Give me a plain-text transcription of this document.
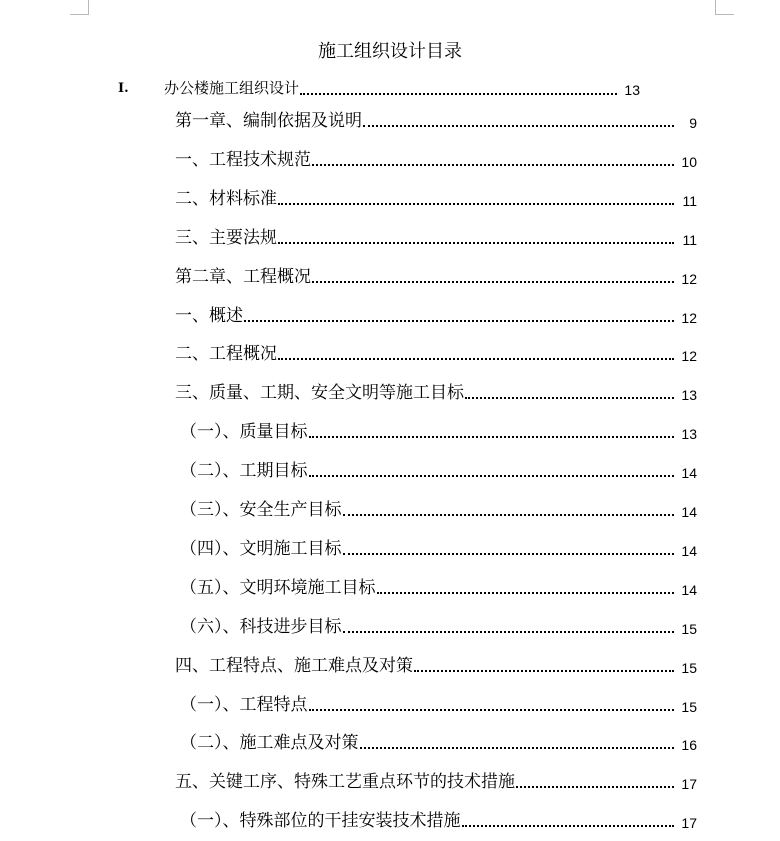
施工组织设计目录
I.	办公楼施工组织设计	13
第一章、编制依据及说明	9
一、工程技术规范	10
二、材料标准	11
三、主要法规	11
第二章、工程概况	12
一、概述	12
二、工程概况	12
三、质量、工期、安全文明等施工目标	13
（一）、质量目标	13
（二）、工期目标	14
（三）、安全生产目标	14
（四）、文明施工目标	14
（五）、文明环境施工目标	14
（六）、科技进步目标	15
四、工程特点、施工难点及对策	15
（一）、工程特点	15
（二）、施工难点及对策	16
五、关键工序、特殊工艺重点环节的技术措施	17
（一）、特殊部位的干挂安装技术措施	17
